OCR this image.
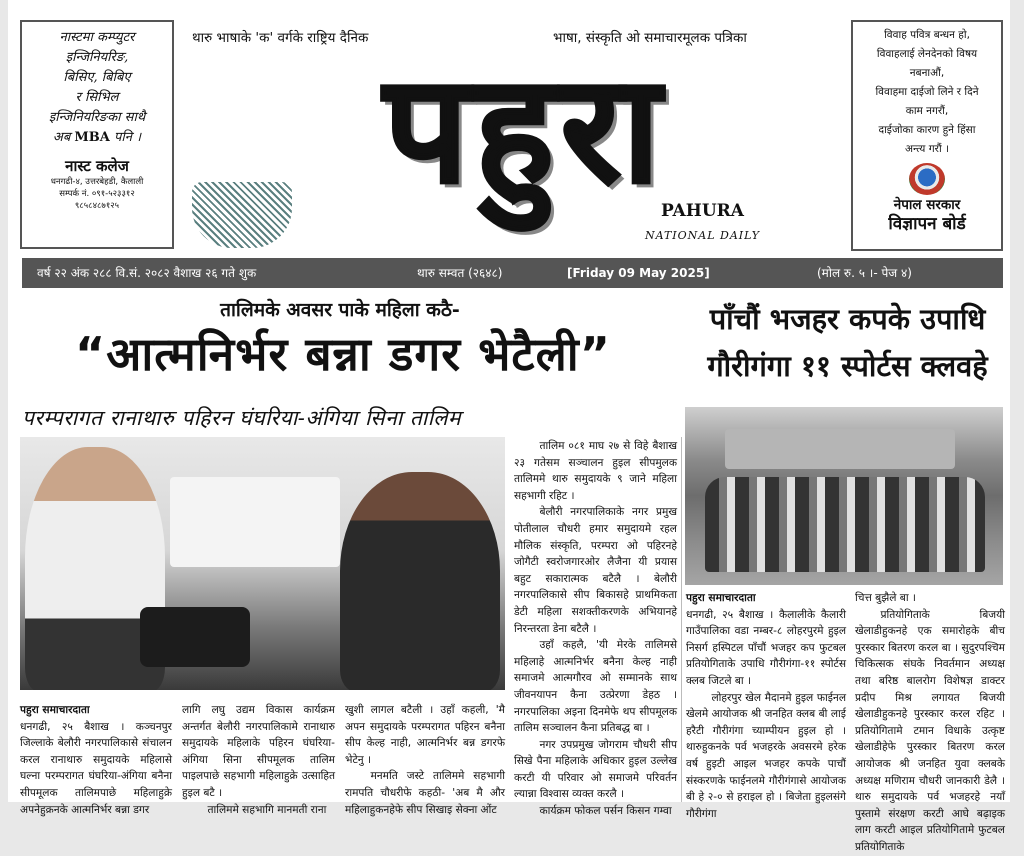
नास्टमा कम्प्युटर
इन्जिनियरिङ,
बिसिए, बिबिए
र सिभिल
इन्जिनियरिङका साथै
अब MBA पनि ।
नास्ट कलेज
धनगढी-४, उत्तरबेहडी, कैलाली
सम्पर्क नं. ०९१-५२३३१२
९८५८४८७१२५
थारु भाषाके 'क' वर्गके राष्ट्रिय दैनिक	भाषा, संस्कृति ओ समाचारमूलक पत्रिका
पहुरा
PAHURA
NATIONAL DAILY
विवाह पवित्र बन्धन हो,
विवाहलाई लेनदेनको विषय
नबनाऔं,
विवाहमा दाईजो लिने र दिने
काम नगरौं,
दाईजोका कारण हुने हिंसा
अन्त्य गरौं ।
नेपाल सरकार
विज्ञापन बोर्ड
वर्ष २२ अंक २८८ वि.सं. २०८२ वैशाख २६ गते शुक	थारु सम्वत (२६४८)	[Friday 09 May 2025]	(मोल रु. ५ ।- पेज ४)
तालिमके अवसर पाके महिला कठै-
“आत्मनिर्भर बन्ना डगर भेटैली”
परम्परागत रानाथारु पहिरन घंघरिया-अंगिया सिना तालिम
पाँचौं भजहर कपके उपाधि
गौरीगंगा ११ स्पोर्टस क्लवहे

पहुरा समाचारदाता

धनगढी, २५ बैशाख । कञ्चनपुर जिल्लाके बेलौरी नगरपालिकासे संचालन करल रानाथारु समुदायके महिलासे घल्ना परम्परागत घंघरिया-अंगिया बनैना सीपमूलक तालिमपाछे महिलाहुक्रे अपनेहुक्रनके आत्मनिर्भर बन्ना डगर

लागि लघु उद्यम विकास कार्यक्रम अन्तर्गत बेलौरी नगरपालिकामे रानाथारु समुदायके महिलाके पहिरन घंघरिया-अंगिया सिना सीपमूलक तालिम पाइलपाछे सहभागी महिलाहुक्रे उत्साहित हुइल बटै ।

तालिममे सहभागि मानमती राना

खुशी लागल बटैली । उहाँ कहली, 'मै अपन समुदायके परम्परागत पहिरन बनैना सीप केल्ह नाही, आत्मनिर्भर बन्न डगरफे भेटेनु ।

मनमति जस्टे तालिममे सहभागी रामपति चौधरीफे कहठी- 'अब मै और महिलाहुकनहेफे सीप सिखाइ सेक्ना ओंट

तालिम ०८१ माघ २७ से विहे बैशाख २३ गतेसम सञ्चालन हुइल सीपमुलक तालिममे थारु समुदायके ९ जाने महिला सहभागी रहिट ।

बेलौरी नगरपालिकाके नगर प्रमुख पोतीलाल चौधरी हमार समुदायमे रहल मौलिक संस्कृति, परम्परा ओ पहिरनहे जोगैटी स्वरोजगारओर लैजैना यी प्रयास बहुट सकारात्मक बटैलै । बेलौरी नगरपालिकासे सीप बिकासहे प्राथमिकता डेटी महिला सशक्तीकरणके अभियानहे निरन्तरता डेना बटैलै ।

उहाँ कहलै, 'यी मेरके तालिमसे महिलाहे आत्मनिर्भर बनैना केल्ह नाही समाजमे आत्मगौरव ओ सम्मानके साथ जीवनयापन कैना उत्प्रेरणा डेहठ । नगरपालिका अइना दिनमेफे थप सीपमूलक तालिम सञ्चालन कैना प्रतिबद्ध बा ।

नगर उपप्रमुख जोगराम चौधरी सीप सिखे पैना महिलाके अधिकार हुइल उल्लेख करटी यी परिवार ओ समाजमे परिवर्तन ल्यान्ना विश्वास व्यक्त करलै ।

कार्यक्रम फोकल पर्सन किसन गम्वा

पहुरा समाचारदाता

धनगढी, २५ बैशाख । कैलालीके कैलारी गाउँपालिका वडा नम्बर-८ लोहरपुरमे हुइल निसर्ग हस्पिटल पाँचौं भजहर कप फुटबल प्रतियोगिताके उपाधि गौरीगंगा-११ स्पोर्टस क्लब जिटले बा ।

लोहरपुर खेल मैदानमे हुइल फाईनल खेलमे आयोजक श्री जनहित क्लब बी लाई हरैटी गौरीगंगा च्याम्पीयन हुइल हो । थारुहुकनके पर्व भजहरके अवसरमे हरेक वर्ष हुइटी आइल भजहर कपके पाचौं संस्करणके फाईनलमे गौरीगंगासे आयोजक बी हे २-० से हराइल हो । बिजेता हुइलसंगे गौरीगंगा

चित्त बुझैले बा ।

प्रतियोगिताके बिजयी खेलाडीहुकनहे एक समारोहके बीच पुरस्कार बितरण करल बा । सुदुरपश्चिम चिकित्सक संघके निवर्तमान अध्यक्ष तथा बरिष्ठ बालरोग विशेषज्ञ डाक्टर प्रदीप मिश्र लगायत बिजयी खेलाडीहुकनहे पुरस्कार करल रहिट । प्रतियोगितामे टमान विधाके उत्कृष्ट खेलाडीहेफे पुरस्कार बितरण करल आयोजक श्री जनहित युवा क्लबके अध्यक्ष मणिराम चौधरी जानकारी डेलै । थारु समुदायके पर्व भजहरहे नयाँ पुस्तामे संरक्षण करटी आघे बढ़ाइक लाग करटी आइल प्रतियोगितामे फुटबल प्रतियोगिताके
